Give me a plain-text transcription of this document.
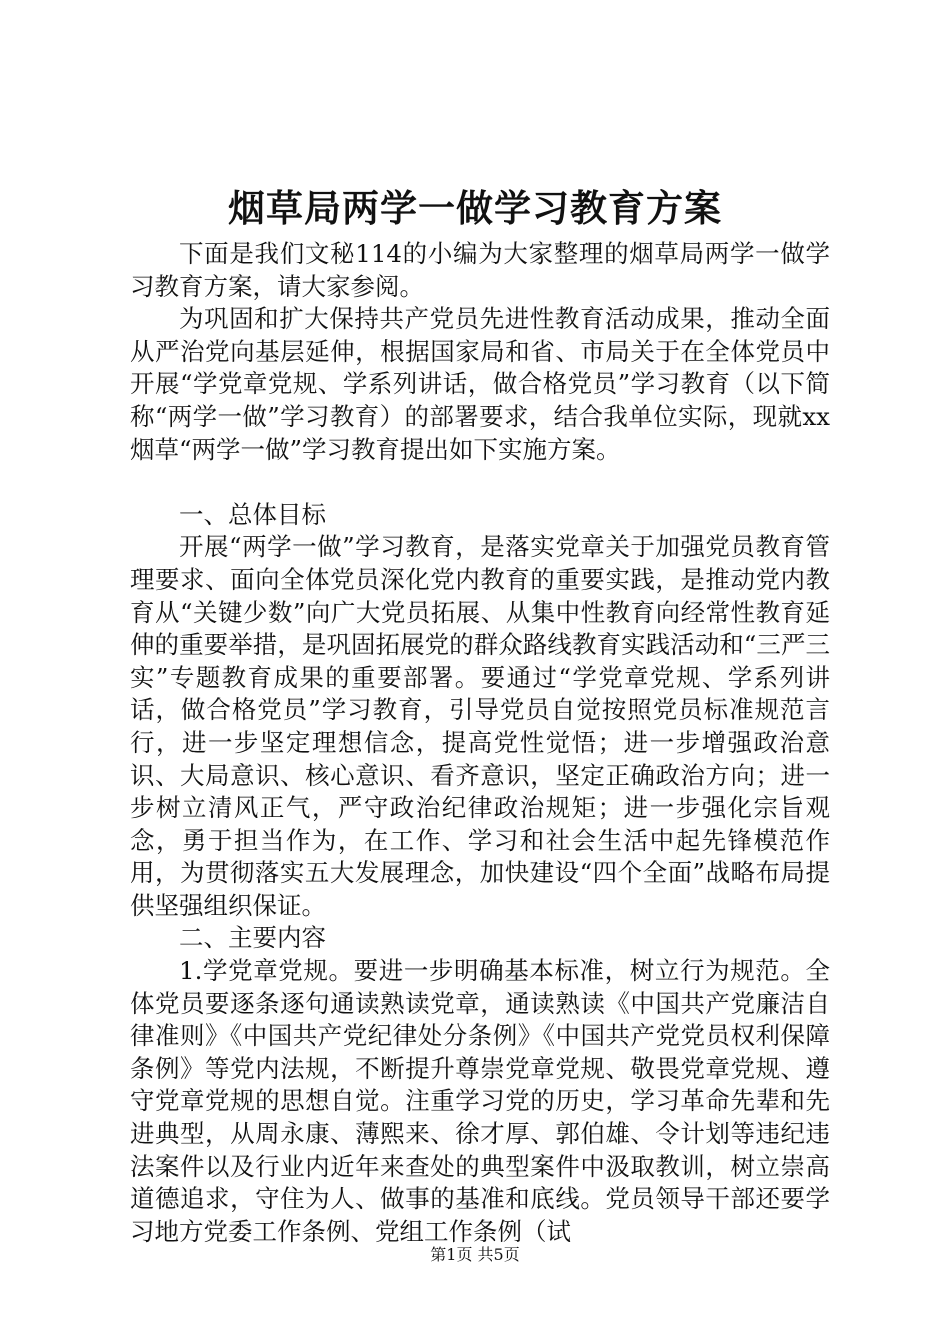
烟草局两学一做学习教育方案

下面是我们文秘114的小编为大家整理的烟草局两学一做学习教育方案，请大家参阅。

为巩固和扩大保持共产党员先进性教育活动成果，推动全面从严治党向基层延伸，根据国家局和省、市局关于在全体党员中开展“学党章党规、学系列讲话，做合格党员”学习教育（以下简称“两学一做”学习教育）的部署要求，结合我单位实际，现就xx烟草“两学一做”学习教育提出如下实施方案。

一、总体目标

开展“两学一做”学习教育，是落实党章关于加强党员教育管理要求、面向全体党员深化党内教育的重要实践，是推动党内教育从“关键少数”向广大党员拓展、从集中性教育向经常性教育延伸的重要举措，是巩固拓展党的群众路线教育实践活动和“三严三实”专题教育成果的重要部署。要通过“学党章党规、学系列讲话，做合格党员”学习教育，引导党员自觉按照党员标准规范言行，进一步坚定理想信念，提高党性觉悟；进一步增强政治意识、大局意识、核心意识、看齐意识，坚定正确政治方向；进一步树立清风正气，严守政治纪律政治规矩；进一步强化宗旨观念，勇于担当作为，在工作、学习和社会生活中起先锋模范作用，为贯彻落实五大发展理念，加快建设“四个全面”战略布局提供坚强组织保证。

二、主要内容

1.学党章党规。要进一步明确基本标准，树立行为规范。全体党员要逐条逐句通读熟读党章，通读熟读《中国共产党廉洁自律准则》《中国共产党纪律处分条例》《中国共产党党员权利保障条例》等党内法规，不断提升尊崇党章党规、敬畏党章党规、遵守党章党规的思想自觉。注重学习党的历史，学习革命先辈和先进典型，从周永康、薄熙来、徐才厚、郭伯雄、令计划等违纪违法案件以及行业内近年来查处的典型案件中汲取教训，树立崇高道德追求，守住为人、做事的基准和底线。党员领导干部还要学习地方党委工作条例、党组工作条例（试

第1页 共5页
